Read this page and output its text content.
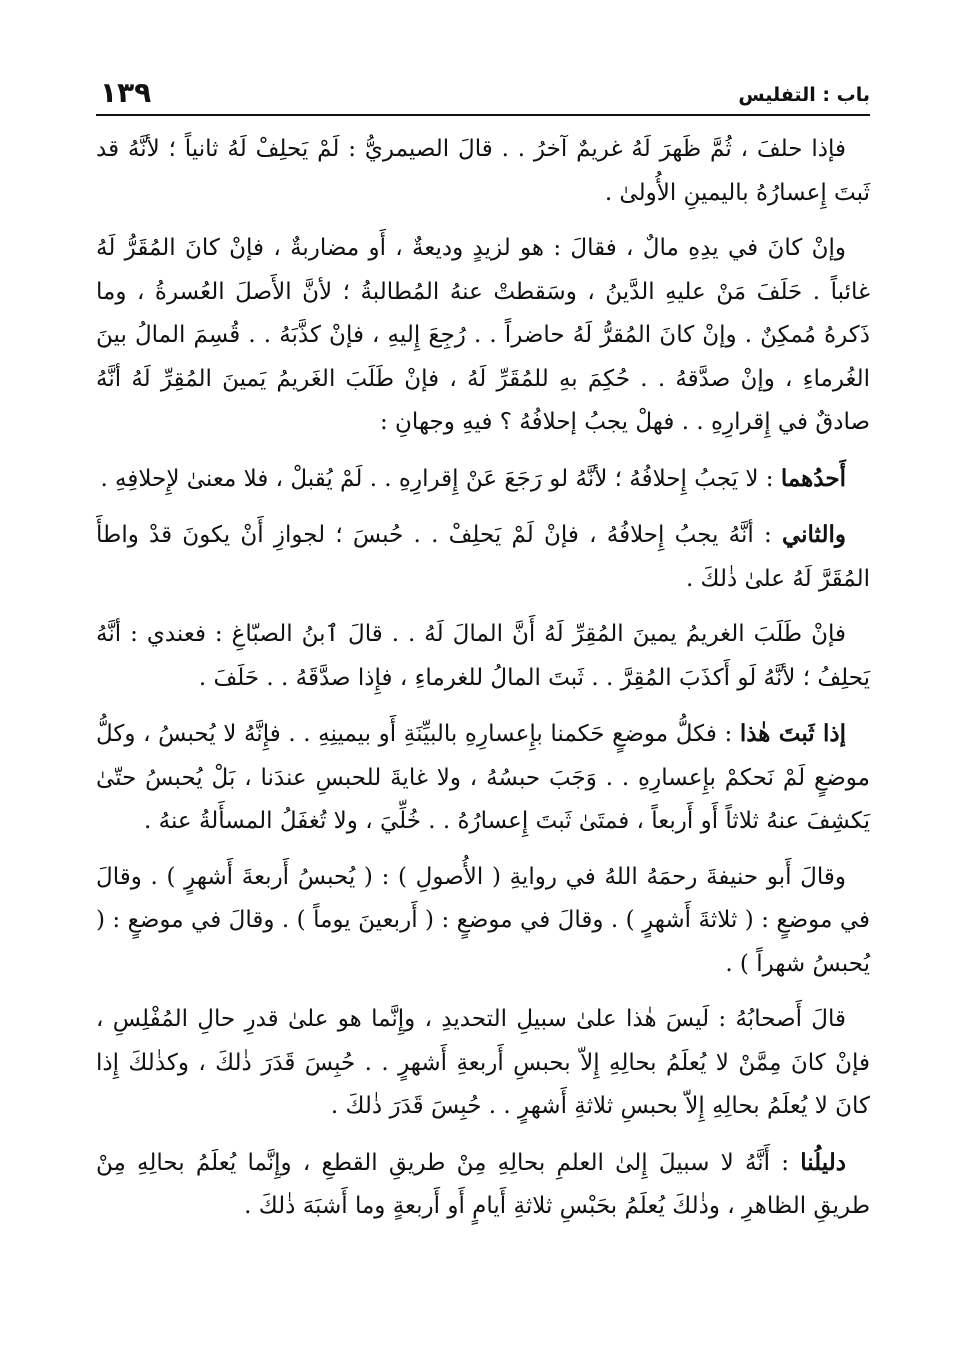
باب : التفليس
١٣٩

فإذا حلفَ ، ثُمَّ ظَهرَ لَهُ غريمٌ آخرُ . . قالَ الصيمريُّ : لَمْ يَحلِفْ لَهُ ثانياً ؛ لأنَّهُ قد ثَبتَ إِعسارُهُ باليمينِ الأُولىٰ .

وإنْ كانَ في يدِهِ مالٌ ، فقالَ : هو لزيدٍ وديعةٌ ، أَو مضاربةٌ ، فإنْ كانَ المُقَرُّ لَهُ غائباً . حَلَفَ مَنْ عليهِ الدَّينُ ، وسَقطتْ عنهُ المُطالبةُ ؛ لأنَّ الأَصلَ العُسرةُ ، وما ذَكرهُ مُمكِنٌ . وإنْ كانَ المُقرُّ لَهُ حاضراً . . رُجِعَ إِليهِ ، فإنْ كذَّبَهُ . . قُسِمَ المالُ بينَ الغُرماءِ ، وإنْ صدَّقهُ . . حُكِمَ بهِ للمُقَرِّ لَهُ ، فإنْ طَلَبَ الغَريمُ يَمينَ المُقِرِّ لَهُ أنَّهُ صادقٌ في إِقرارِهِ . . فهلْ يجبُ إحلافُهُ ؟ فيهِ وجهانِ :

أَحدُهما : لا يَجبُ إِحلافُهُ ؛ لأنَّهُ لو رَجَعَ عَنْ إِقرارِهِ . . لَمْ يُقبلْ ، فلا معنىٰ لإِحلافِهِ .

والثاني : أنَّهُ يجبُ إِحلافُهُ ، فإنْ لَمْ يَحلِفْ . . حُبسَ ؛ لجوازِ أَنْ يكونَ قدْ واطأَ المُقَرَّ لَهُ علىٰ ذٰلكَ .

فإنْ طَلَبَ الغريمُ يمينَ المُقِرِّ لَهُ أَنَّ المالَ لَهُ . . قالَ ٱبنُ الصبّاغِ : فعندي : أنَّهُ يَحلِفُ ؛ لأنَّهُ لَو أَكذَبَ المُقِرَّ . . ثَبتَ المالُ للغرماءِ ، فإِذا صدَّقَهُ . . حَلَفَ .

إذا ثَبتَ هٰذا : فكلُّ موضعٍ حَكمنا بإِعسارِهِ بالبيِّنَةِ أَو بيمينِهِ . . فإِنَّهُ لا يُحبسُ ، وكلُّ موضعٍ لَمْ نَحكمْ بإِعسارِهِ . . وَجَبَ حبسُهُ ، ولا غايةَ للحبسِ عندَنا ، بَلْ يُحبسُ حتّىٰ يَكشِفَ عنهُ ثلاثاً أَو أَربعاً ، فمتَىٰ ثَبتَ إِعسارُهُ . . خُلِّيَ ، ولا تُغفَلُ المسأَلةُ عنهُ .

وقالَ أَبو حنيفةَ رحمَهُ اللهُ في روايةِ ( الأُصولِ ) : ( يُحبسُ أَربعةَ أَشهرٍ ) . وقالَ في موضعٍ : ( ثلاثةَ أَشهرٍ ) . وقالَ في موضعٍ : ( أَربعينَ يوماً ) . وقالَ في موضعٍ : ( يُحبسُ شهراً ) .

قالَ أَصحابُهُ : لَيسَ هٰذا علىٰ سبيلِ التحديدِ ، وإِنَّما هو علىٰ قدرِ حالِ المُفْلِسِ ، فإنْ كانَ مِمَّنْ لا يُعلَمُ بحالِهِ إِلاّ بحبسِ أَربعةِ أَشهرٍ . . حُبِسَ قَدَرَ ذٰلكَ ، وكذٰلكَ إِذا كانَ لا يُعلَمُ بحالِهِ إِلاّ بحبسِ ثلاثةِ أَشهرٍ . . حُبِسَ قَدَرَ ذٰلكَ .

دليلُنا : أَنَّهُ لا سبيلَ إِلىٰ العلمِ بحالِهِ مِنْ طريقِ القطعِ ، وإِنَّما يُعلَمُ بحالِهِ مِنْ طريقِ الظاهرِ ، وذٰلكَ يُعلَمُ بحَبْسِ ثلاثةِ أَيامٍ أَو أَربعةٍ وما أَشبَهَ ذٰلكَ .
